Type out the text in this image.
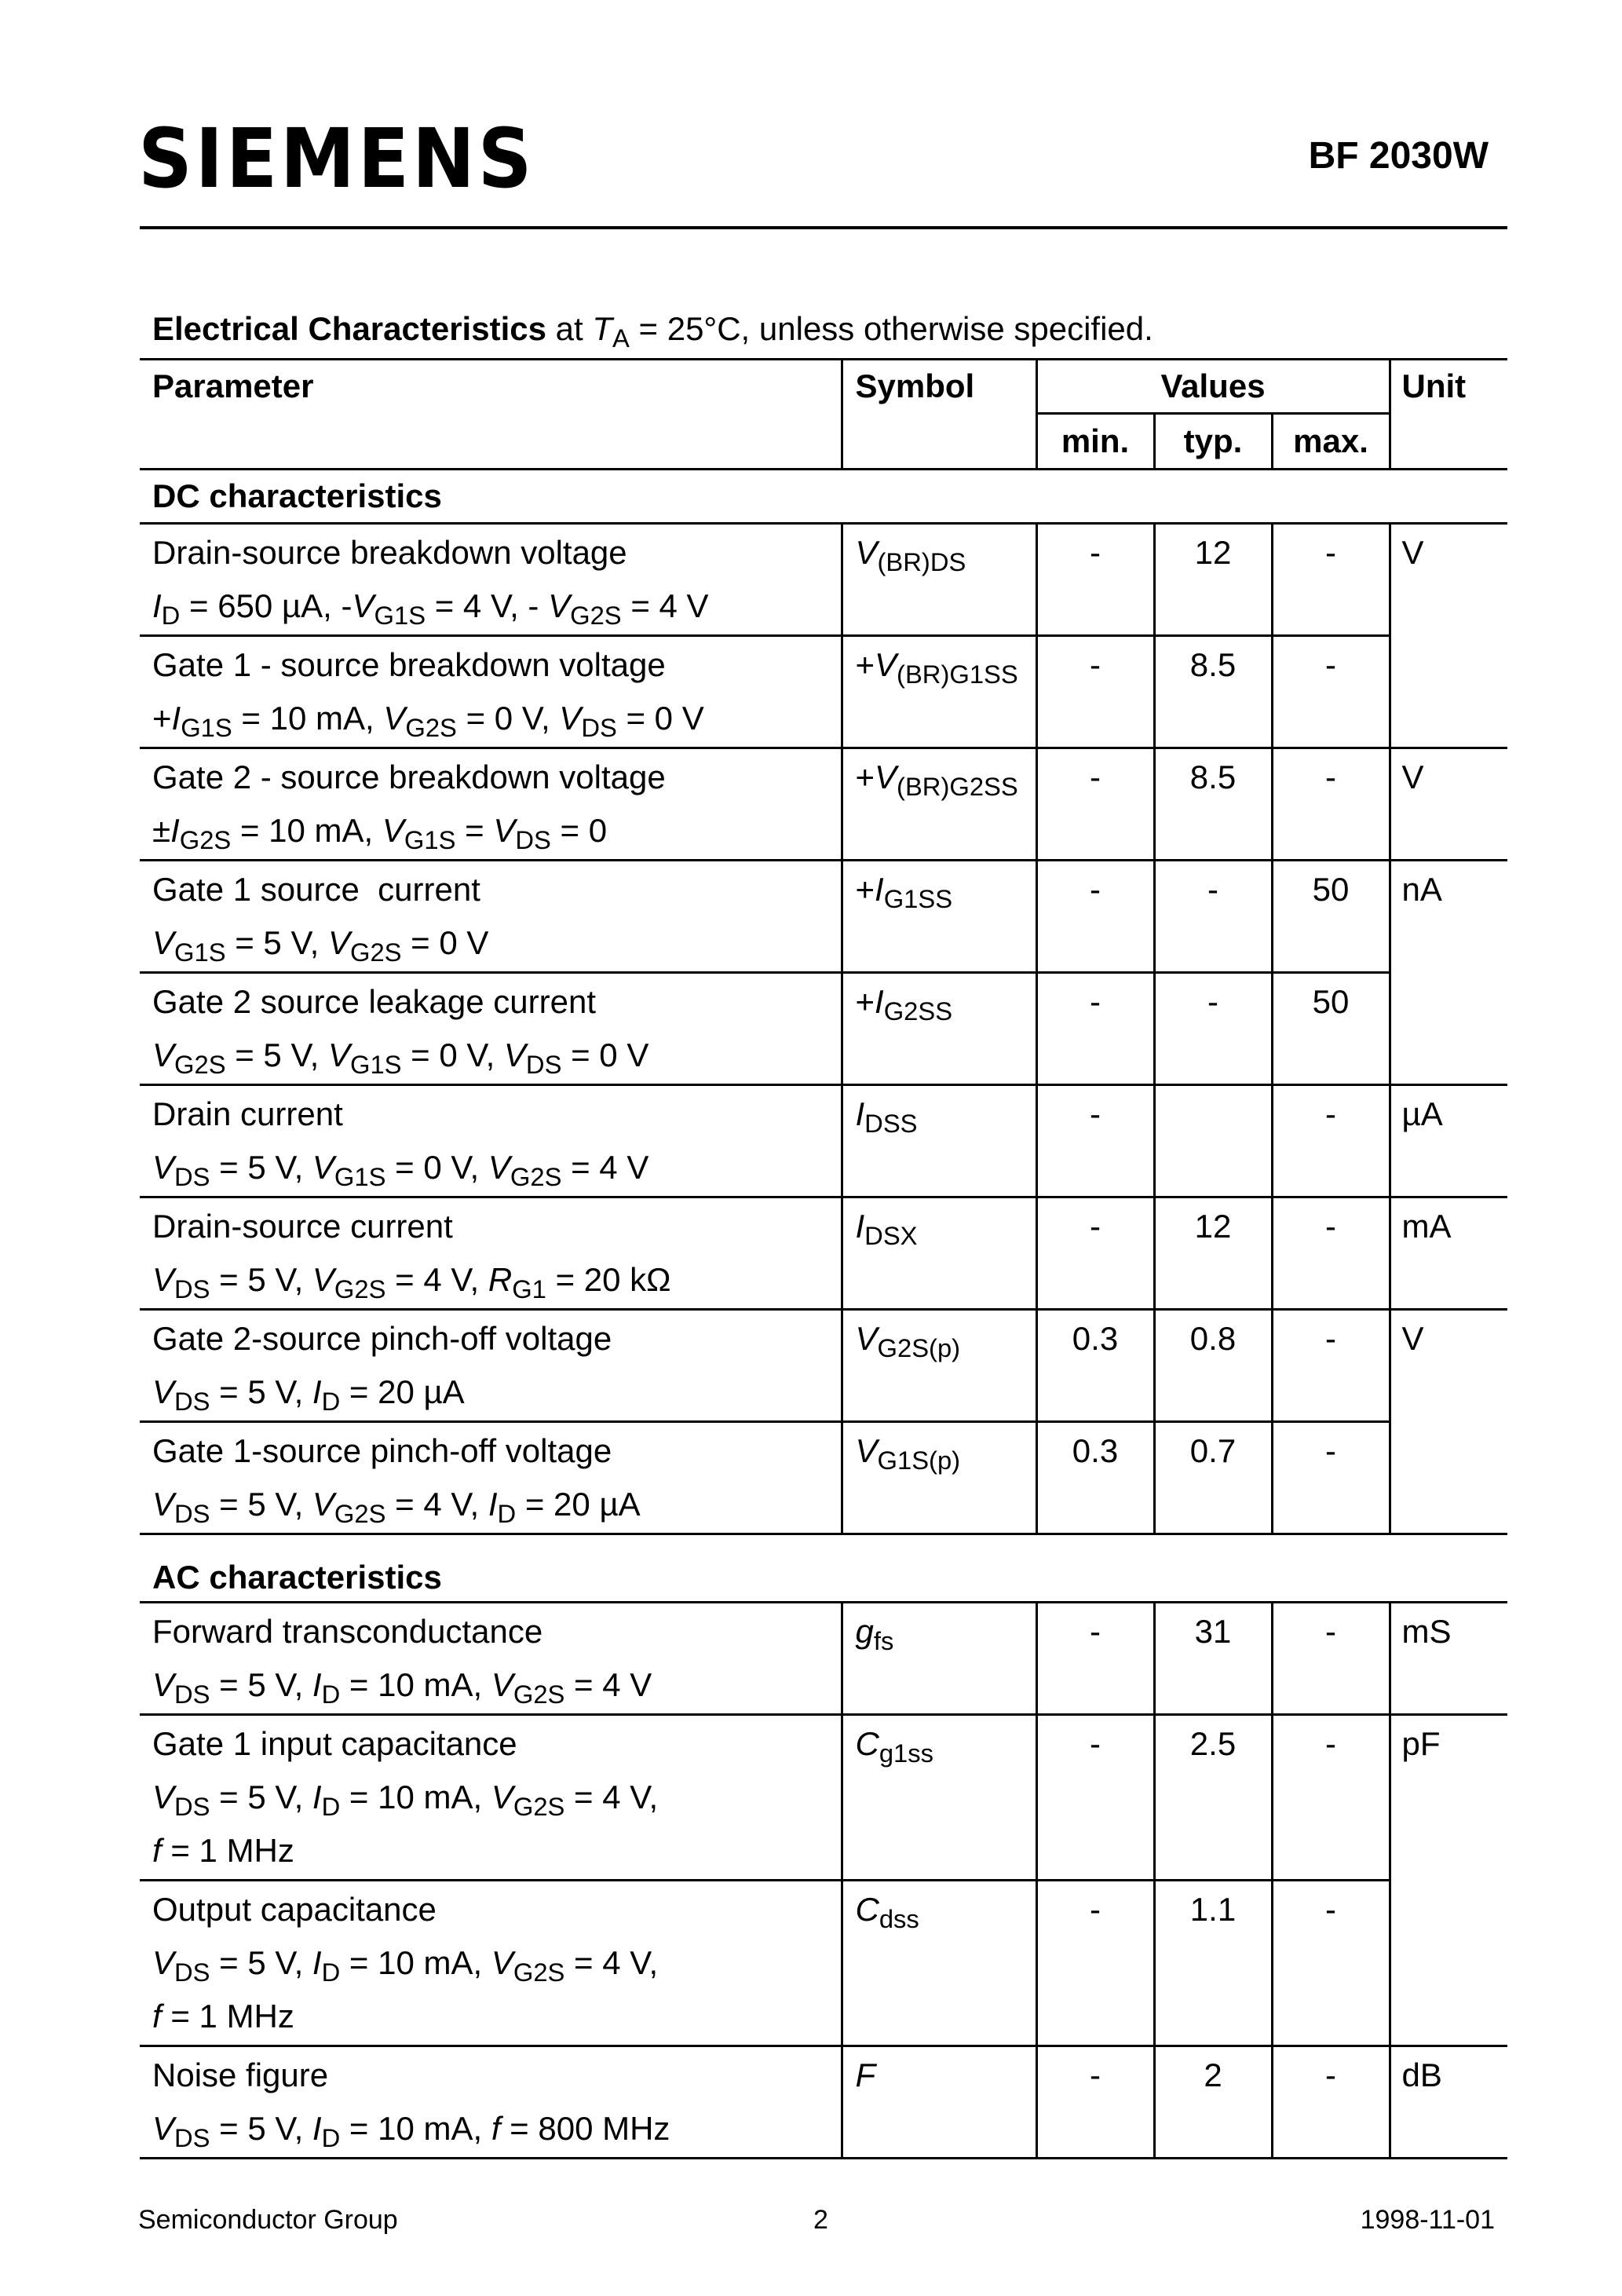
SIEMENS	BF 2030W
Electrical Characteristics at $T_A = 25^\circ C$, unless otherwise specified.
Parameter	Symbol	Values			Unit
		min.	typ.	max.	
DC characteristics					

Drain-source breakdown voltage
$I_D = 650$ µA, $-V_{G1S} = 4$ V, - $V_{G2S} = 4$ V	$V_{(BR)DS}$	-	12	-	V

Gate 1 - source breakdown voltage
$+I_{G1S} = 10$ mA, $V_{G2S} = 0$ V, $V_{DS} = 0$ V	$+V_{(BR)G1SS}$	-	8.5	-	

Gate 2 - source breakdown voltage
$\pm I_{G2S} = 10$ mA, $V_{G1S} = V_{DS} = 0$	$+V_{(BR)G2SS}$	-	8.5	-	V

Gate 1 source  current
$V_{G1S} = 5$ V, $V_{G2S} = 0$ V	$+I_{G1SS}$	-	-	50	nA

Gate 2 source leakage current
$V_{G2S} = 5$ V, $V_{G1S} = 0$ V, $V_{DS} = 0$ V	$+I_{G2SS}$	-	-	50	

Drain current
$V_{DS} = 5$ V, $V_{G1S} = 0$ V, $V_{G2S} = 4$ V	$I_{DSS}$	-		-	µA

Drain-source current
$V_{DS} = 5$ V, $V_{G2S} = 4$ V, $R_{G1} = 20$ kΩ	$I_{DSX}$	-	12	-	mA

Gate 2-source pinch-off voltage
$V_{DS} = 5$ V, $I_D = 20$ µA	$V_{G2S(p)}$	0.3	0.8	-	V

Gate 1-source pinch-off voltage
$V_{DS} = 5$ V, $V_{G2S} = 4$ V, $I_D = 20$ µA	$V_{G1S(p)}$	0.3	0.7	-	
AC characteristics					

Forward transconductance
$V_{DS} = 5$ V, $I_D = 10$ mA, $V_{G2S} = 4$ V	$g_{fs}$	-	31	-	mS

Gate 1 input capacitance
$V_{DS} = 5$ V, $I_D = 10$ mA, $V_{G2S} = 4$ V,
f = 1 MHz	$C_{g1ss}$	-	2.5	-	pF

Output capacitance
$V_{DS} = 5$ V, $I_D = 10$ mA, $V_{G2S} = 4$ V,
f = 1 MHz	$C_{dss}$	-	1.1	-	

Noise figure
$V_{DS} = 5$ V, $I_D = 10$ mA, f = 800 MHz	F	-	2	-	dB
Semiconductor Group	2	1998-11-01
